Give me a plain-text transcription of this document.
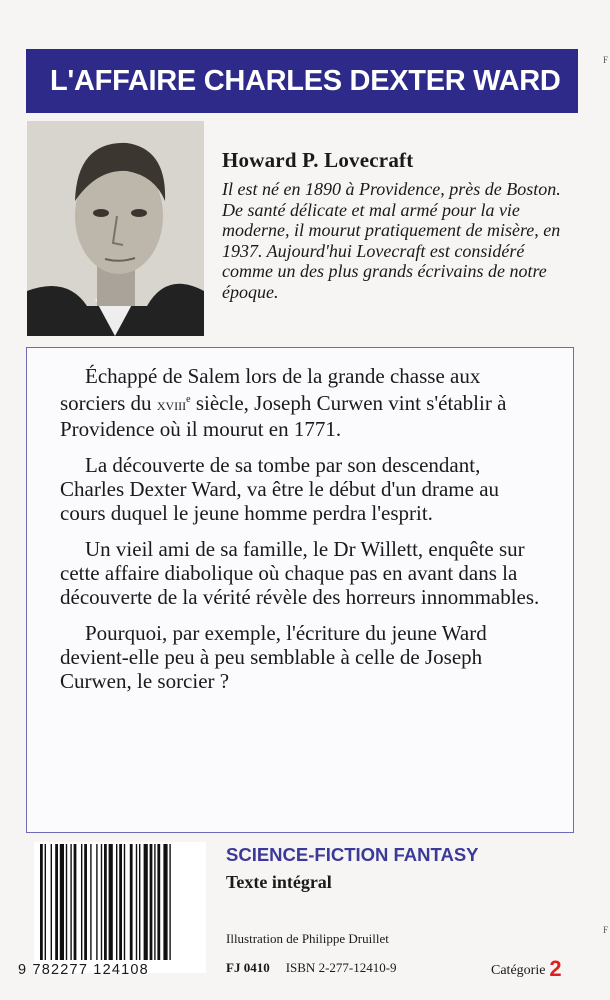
L'AFFAIRE CHARLES DEXTER WARD

Howard P. Lovecraft

Il est né en 1890 à Providence, près de Boston. De santé délicate et mal armé pour la vie moderne, il mourut pratiquement de misère, en 1937. Aujourd'hui Lovecraft est considéré comme un des plus grands écrivains de notre époque.

Échappé de Salem lors de la grande chasse aux sorciers du xviii$^e$ siècle, Joseph Curwen vint s'établir à Providence où il mourut en 1771.

La découverte de sa tombe par son descendant, Charles Dexter Ward, va être le début d'un drame au cours duquel le jeune homme perdra l'esprit.

Un vieil ami de sa famille, le Dr Willett, enquête sur cette affaire diabolique où chaque pas en avant dans la découverte de la vérité révèle des horreurs innommables.

Pourquoi, par exemple, l'écriture du jeune Ward devient-elle peu à peu semblable à celle de Joseph Curwen, le sorcier ?

9 782277 124108
SCIENCE-FICTION FANTASY
Texte intégral
Illustration de Philippe Druillet
FJ 0410 ISBN 2-277-12410-9	Catégorie 2
F
F
